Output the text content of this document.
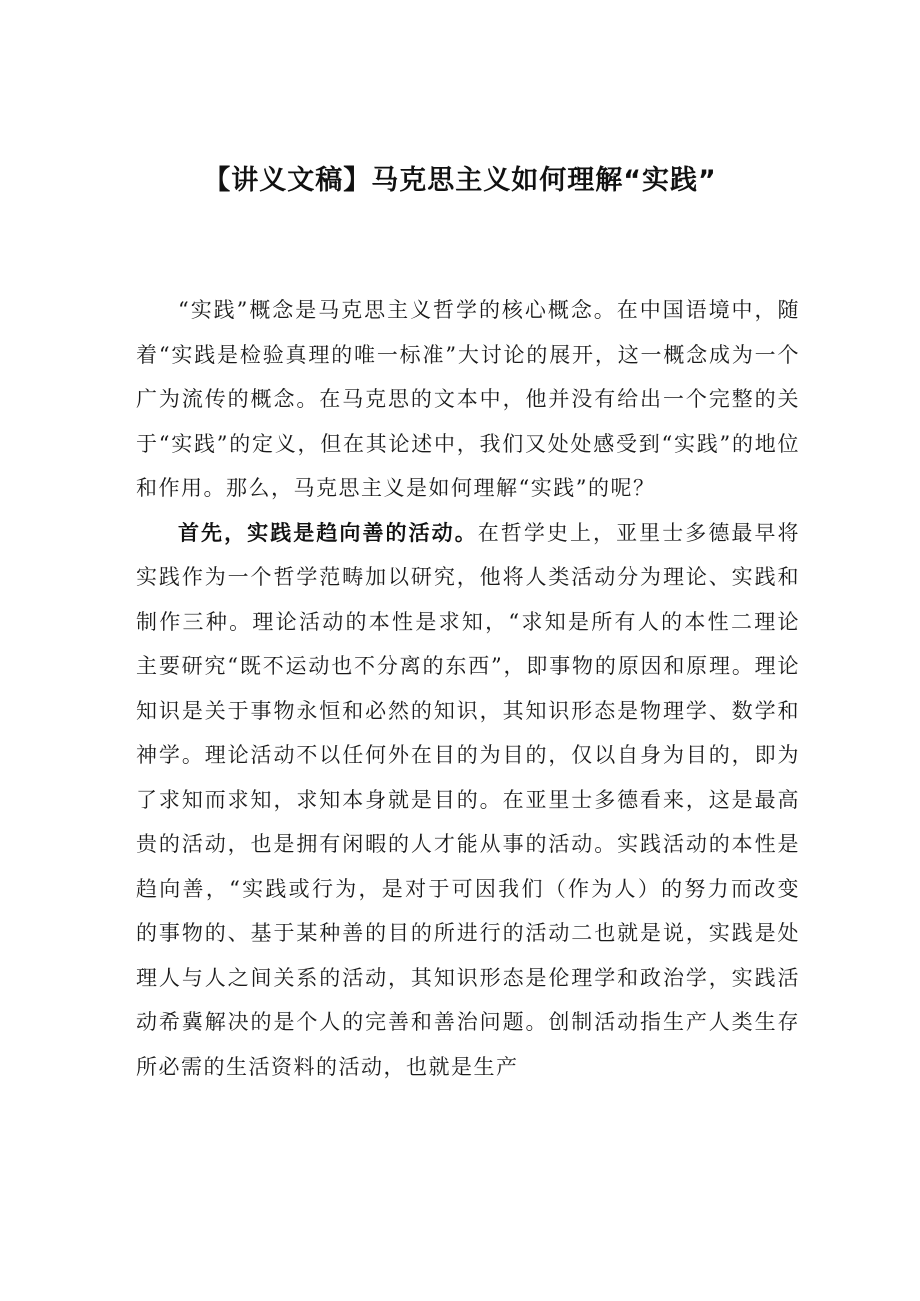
【讲义文稿】马克思主义如何理解“实践”

“实践”概念是马克思主义哲学的核心概念。在中国语境中，随着“实践是检验真理的唯一标准”大讨论的展开，这一概念成为一个广为流传的概念。在马克思的文本中，他并没有给出一个完整的关于“实践”的定义，但在其论述中，我们又处处感受到“实践”的地位和作用。那么，马克思主义是如何理解“实践”的呢？

首先，实践是趋向善的活动。在哲学史上，亚里士多德最早将实践作为一个哲学范畴加以研究，他将人类活动分为理论、实践和制作三种。理论活动的本性是求知，“求知是所有人的本性二理论主要研究“既不运动也不分离的东西”，即事物的原因和原理。理论知识是关于事物永恒和必然的知识，其知识形态是物理学、数学和神学。理论活动不以任何外在目的为目的，仅以自身为目的，即为了求知而求知，求知本身就是目的。在亚里士多德看来，这是最高贵的活动，也是拥有闲暇的人才能从事的活动。实践活动的本性是趋向善，“实践或行为，是对于可因我们（作为人）的努力而改变的事物的、基于某种善的目的所进行的活动二也就是说，实践是处理人与人之间关系的活动，其知识形态是伦理学和政治学，实践活动希冀解决的是个人的完善和善治问题。创制活动指生产人类生存所必需的生活资料的活动，也就是生产
